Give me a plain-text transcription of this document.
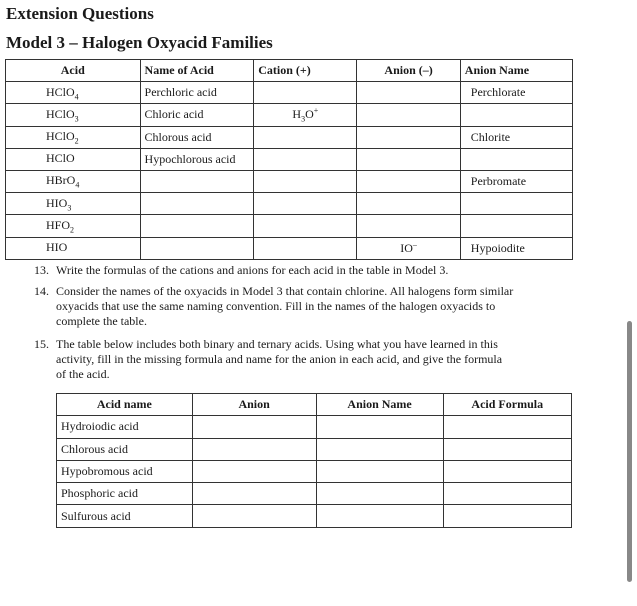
Extension Questions
Model 3 – Halogen Oxyacid Families
Acid	Name of Acid	Cation (+)	Anion (–)	Anion Name
HClO$_4$	Perchloric acid			Perchlorate
HClO$_3$	Chloric acid	$H_3O^+$		
HClO$_2$	Chlorous acid			Chlorite
HClO	Hypochlorous acid			
HBrO$_4$				Perbromate
$HIO_3$				
$HFO_2$				
HIO			IO–	Hypoiodite
13. Write the formulas of the cations and anions for each acid in the table in Model 3.
14. Consider the names of the oxyacids in Model 3 that contain chlorine. All halogens form similar
oxyacids that use the same naming convention. Fill in the names of the halogen oxyacids to
complete the table.
15. The table below includes both binary and ternary acids. Using what you have learned in this
activity, fill in the missing formula and name for the anion in each acid, and give the formula
of the acid.
Acid name	Anion	Anion Name	Acid Formula
Hydroiodic acid			
Chlorous acid			
Hypobromous acid			
Phosphoric acid			
Sulfurous acid			
